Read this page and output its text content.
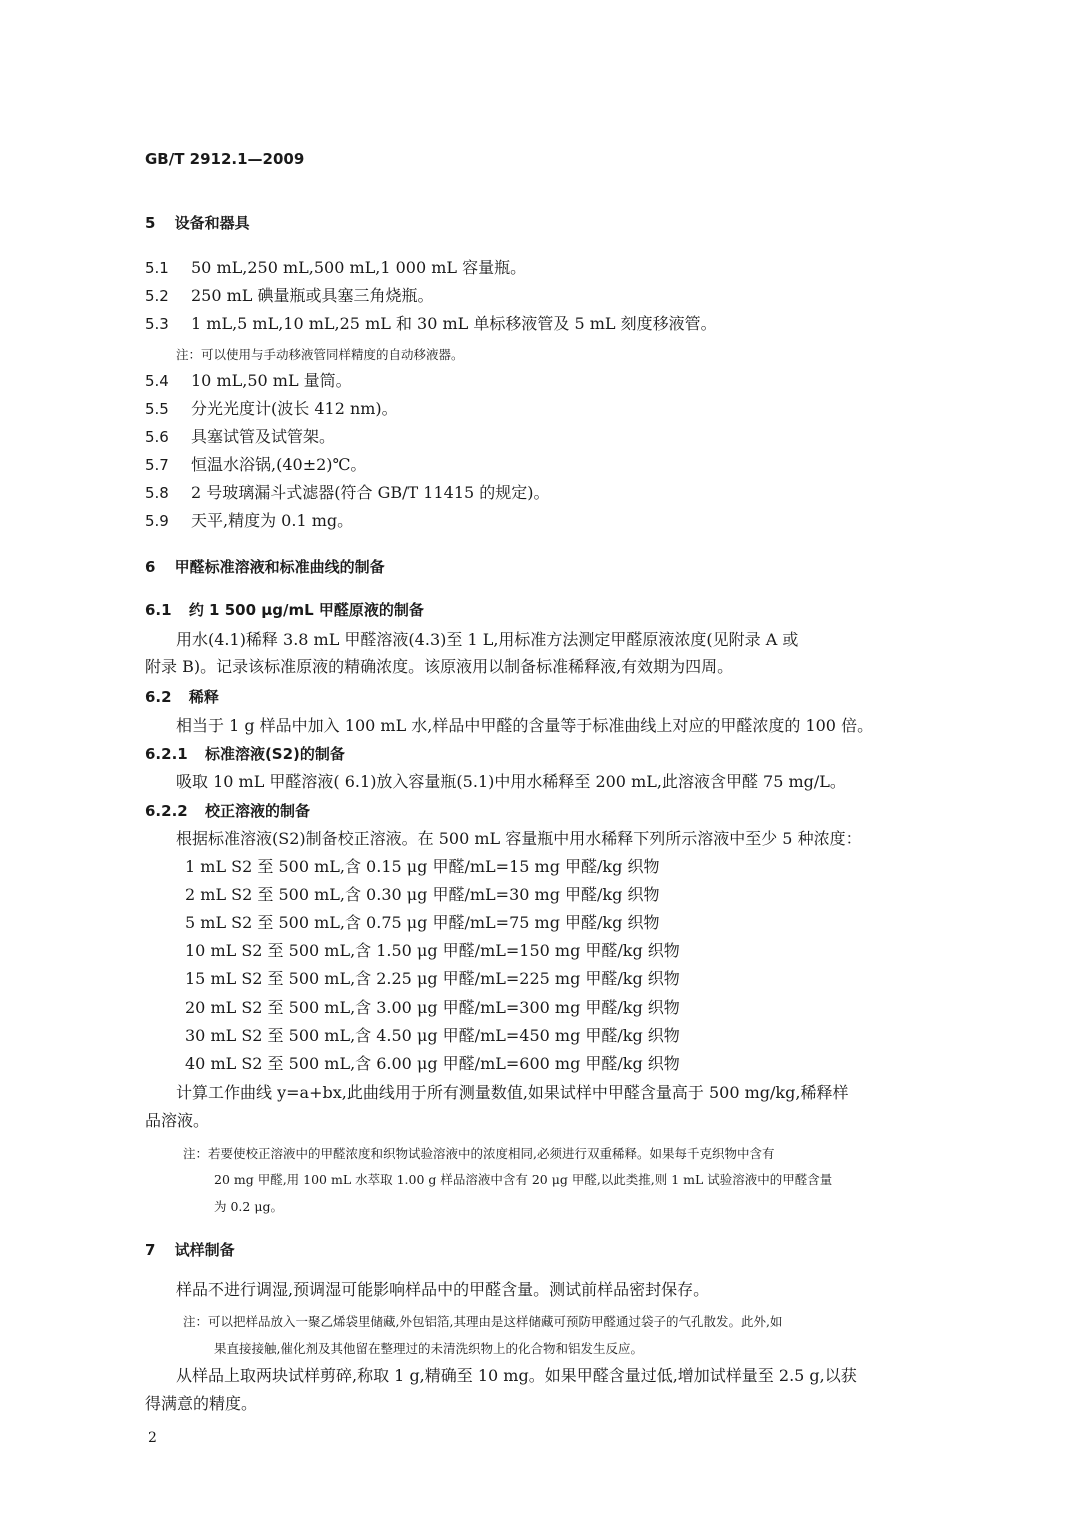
GB/T 2912.1—2009
5 设备和器具
5.1 50 mL,250 mL,500 mL,1 000 mL 容量瓶。
5.2 250 mL 碘量瓶或具塞三角烧瓶。
5.3 1 mL,5 mL,10 mL,25 mL 和 30 mL 单标移液管及 5 mL 刻度移液管。
注：可以使用与手动移液管同样精度的自动移液器。
5.4 10 mL,50 mL 量筒。
5.5 分光光度计(波长 412 nm)。
5.6 具塞试管及试管架。
5.7 恒温水浴锅,(40±2)℃。
5.8 2 号玻璃漏斗式滤器(符合 GB/T 11415 的规定)。
5.9 天平,精度为 0.1 mg。
6 甲醛标准溶液和标准曲线的制备
6.1 约 1 500 μg/mL 甲醛原液的制备
用水(4.1)稀释 3.8 mL 甲醛溶液(4.3)至 1 L,用标准方法测定甲醛原液浓度(见附录 A 或
附录 B)。记录该标准原液的精确浓度。该原液用以制备标准稀释液,有效期为四周。
6.2 稀释
相当于 1 g 样品中加入 100 mL 水,样品中甲醛的含量等于标准曲线上对应的甲醛浓度的 100 倍。
6.2.1 标准溶液(S2)的制备
吸取 10 mL 甲醛溶液( 6.1)放入容量瓶(5.1)中用水稀释至 200 mL,此溶液含甲醛 75 mg/L。
6.2.2 校正溶液的制备
根据标准溶液(S2)制备校正溶液。在 500 mL 容量瓶中用水稀释下列所示溶液中至少 5 种浓度：
1 mL S2 至 500 mL,含 0.15 μg 甲醛/mL=15 mg 甲醛/kg 织物
2 mL S2 至 500 mL,含 0.30 μg 甲醛/mL=30 mg 甲醛/kg 织物
5 mL S2 至 500 mL,含 0.75 μg 甲醛/mL=75 mg 甲醛/kg 织物
10 mL S2 至 500 mL,含 1.50 μg 甲醛/mL=150 mg 甲醛/kg 织物
15 mL S2 至 500 mL,含 2.25 μg 甲醛/mL=225 mg 甲醛/kg 织物
20 mL S2 至 500 mL,含 3.00 μg 甲醛/mL=300 mg 甲醛/kg 织物
30 mL S2 至 500 mL,含 4.50 μg 甲醛/mL=450 mg 甲醛/kg 织物
40 mL S2 至 500 mL,含 6.00 μg 甲醛/mL=600 mg 甲醛/kg 织物
计算工作曲线 y=a+bx,此曲线用于所有测量数值,如果试样中甲醛含量高于 500 mg/kg,稀释样
品溶液。
注：若要使校正溶液中的甲醛浓度和织物试验溶液中的浓度相同,必须进行双重稀释。如果每千克织物中含有
20 mg 甲醛,用 100 mL 水萃取 1.00 g 样品溶液中含有 20 μg 甲醛,以此类推,则 1 mL 试验溶液中的甲醛含量
为 0.2 μg。
7 试样制备
样品不进行调湿,预调湿可能影响样品中的甲醛含量。测试前样品密封保存。
注：可以把样品放入一聚乙烯袋里储藏,外包铝箔,其理由是这样储藏可预防甲醛通过袋子的气孔散发。此外,如
果直接接触,催化剂及其他留在整理过的未清洗织物上的化合物和铝发生反应。
从样品上取两块试样剪碎,称取 1 g,精确至 10 mg。如果甲醛含量过低,增加试样量至 2.5 g,以获
得满意的精度。
2
